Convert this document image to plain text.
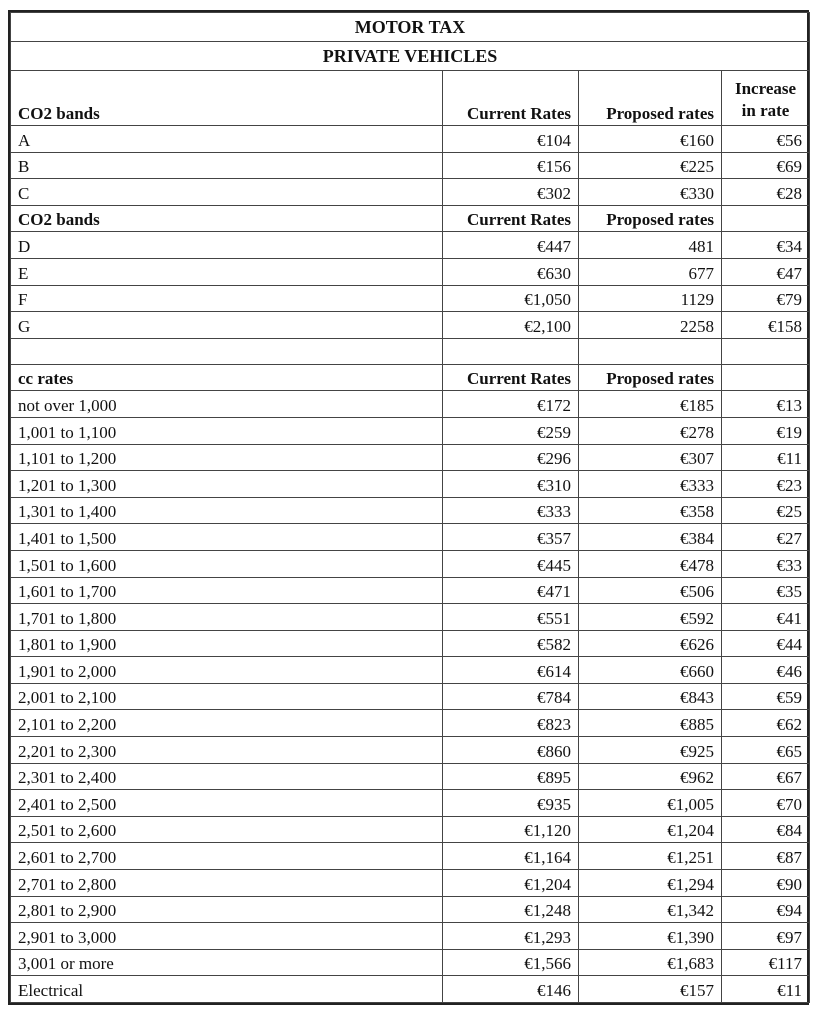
MOTOR TAX			
PRIVATE VEHICLES			
CO2 bands	Current Rates	Proposed rates	Increase
in rate
A	€104	€160	€56
B	€156	€225	€69
C	€302	€330	€28
CO2 bands	Current Rates	Proposed rates	
D	€447	481	€34
E	€630	677	€47
F	€1,050	1129	€79
G	€2,100	2258	€158

cc rates	Current Rates	Proposed rates	
not over 1,000	€172	€185	€13
1,001 to 1,100	€259	€278	€19
1,101 to 1,200	€296	€307	€11
1,201 to 1,300	€310	€333	€23
1,301 to 1,400	€333	€358	€25
1,401 to 1,500	€357	€384	€27
1,501 to 1,600	€445	€478	€33
1,601 to 1,700	€471	€506	€35
1,701 to 1,800	€551	€592	€41
1,801 to 1,900	€582	€626	€44
1,901 to 2,000	€614	€660	€46
2,001 to 2,100	€784	€843	€59
2,101 to 2,200	€823	€885	€62
2,201 to 2,300	€860	€925	€65
2,301 to 2,400	€895	€962	€67
2,401 to 2,500	€935	€1,005	€70
2,501 to 2,600	€1,120	€1,204	€84
2,601 to 2,700	€1,164	€1,251	€87
2,701 to 2,800	€1,204	€1,294	€90
2,801 to 2,900	€1,248	€1,342	€94
2,901 to 3,000	€1,293	€1,390	€97
3,001 or more	€1,566	€1,683	€117
Electrical	€146	€157	€11
